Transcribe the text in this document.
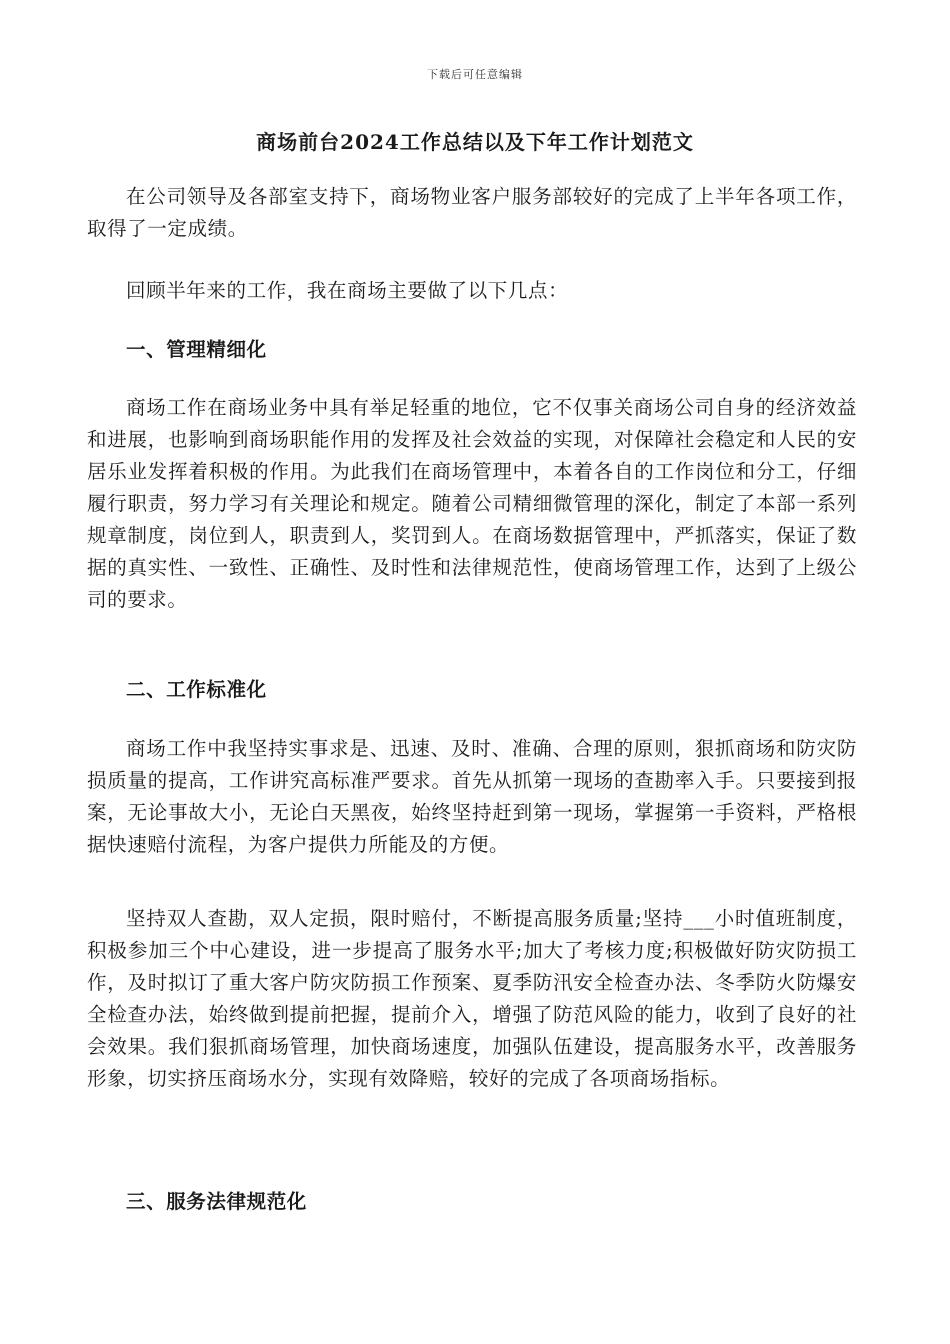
下载后可任意编辑
商场前台2024工作总结以及下年工作计划范文

在公司领导及各部室支持下，商场物业客户服务部较好的完成了上半年各项工作，取得了一定成绩。

回顾半年来的工作，我在商场主要做了以下几点：

一、管理精细化

商场工作在商场业务中具有举足轻重的地位，它不仅事关商场公司自身的经济效益和进展，也影响到商场职能作用的发挥及社会效益的实现，对保障社会稳定和人民的安居乐业发挥着积极的作用。为此我们在商场管理中，本着各自的工作岗位和分工，仔细履行职责，努力学习有关理论和规定。随着公司精细微管理的深化，制定了本部一系列规章制度，岗位到人，职责到人，奖罚到人。在商场数据管理中，严抓落实，保证了数据的真实性、一致性、正确性、及时性和法律规范性，使商场管理工作，达到了上级公司的要求。

二、工作标准化

商场工作中我坚持实事求是、迅速、及时、准确、合理的原则，狠抓商场和防灾防损质量的提高，工作讲究高标准严要求。首先从抓第一现场的查勘率入手。只要接到报案，无论事故大小，无论白天黑夜，始终坚持赶到第一现场，掌握第一手资料，严格根据快速赔付流程，为客户提供力所能及的方便。

坚持双人查勘，双人定损，限时赔付，不断提高服务质量;坚持___小时值班制度，积极参加三个中心建设，进一步提高了服务水平;加大了考核力度;积极做好防灾防损工作，及时拟订了重大客户防灾防损工作预案、夏季防汛安全检查办法、冬季防火防爆安全检查办法，始终做到提前把握，提前介入，增强了防范风险的能力，收到了良好的社会效果。我们狠抓商场管理，加快商场速度，加强队伍建设，提高服务水平，改善服务形象，切实挤压商场水分，实现有效降赔，较好的完成了各项商场指标。

三、服务法律规范化
